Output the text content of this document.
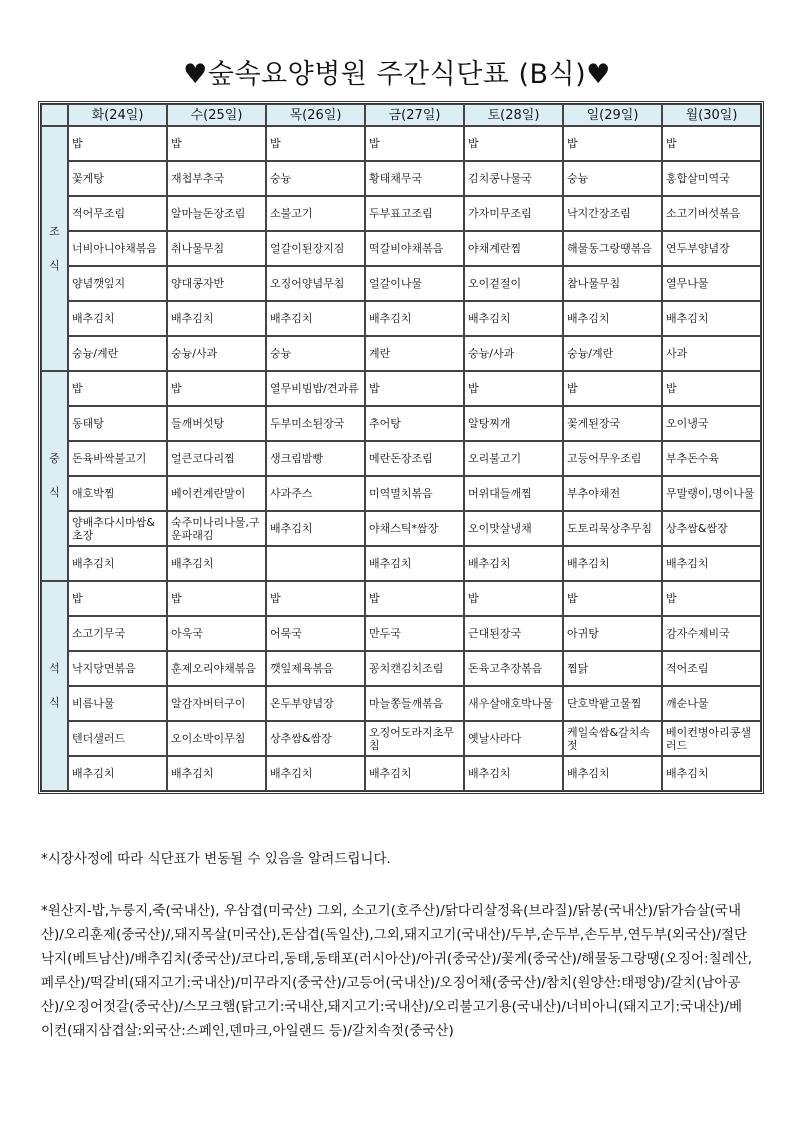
♥숲속요양병원 주간식단표 (B식)♥
	화(24일)	수(25일)	목(26일)	금(27일)	토(28일)	일(29일)	월(30일)

조
식	밥	밥	밥	밥	밥	밥	밥
	꽃게탕	재첩부추국	숭늉	황태채무국	김치콩나물국	숭늉	홍합살미역국
	적어무조림	알마늘돈장조림	소불고기	두부표고조림	가자미무조림	낙지간장조림	소고기버섯볶음
	너비아니야채볶음	취나물무침	얼갈이된장지짐	떡갈비야채볶음	야채계란찜	해물동그랑땡볶음	연두부양념장
	양념깻잎지	양대콩자반	오징어양념무침	얼갈이나물	오이겉절이	참나물무침	열무나물
	배추김치	배추김치	배추김치	배추김치	배추김치	배추김치	배추김치
	숭늉/계란	숭늉/사과	숭늉	계란	숭늉/사과	숭늉/계란	사과

중
식	밥	밥	열무비빔밥/견과류	밥	밥	밥	밥
	동태탕	들깨버섯탕	두부미소된장국	추어탕	알탕찌개	꽃게된장국	오이냉국
	돈육바싹불고기	얼큰코다리찜	생크림밤빵	메란돈장조림	오리불고기	고등어무우조림	부추돈수육
	애호박찜	베이컨계란말이	사과주스	미역멸치볶음	머위대들깨찜	부추야채전	무말랭이,명이나물
	양배추다시마쌈&초장	숙주미나리나물,구운파래김	배추김치	야채스틱*쌈장	오이맛살냉채	도토리묵상추무침	상추쌈&쌈장
	배추김치	배추김치		배추김치	배추김치	배추김치	배추김치

석
식	밥	밥	밥	밥	밥	밥	밥
	소고기무국	아욱국	어묵국	만두국	근대된장국	아귀탕	감자수제비국
	낙지당면볶음	훈제오리야채볶음	깻잎제육볶음	꽁치캔김치조림	돈육고추장볶음	찜닭	적어조림
	비름나물	알감자버터구이	온두부양념장	마늘쫑들깨볶음	새우살애호박나물	단호박팥고물찜	깨순나물
	텐더샐러드	오이소박이무침	상추쌈&쌈장	오징어도라지초무침	옛날사라다	케일숙쌈&갈치속젓	베이컨병아리콩샐러드
	배추김치	배추김치	배추김치	배추김치	배추김치	배추김치	배추김치
*시장사정에 따라 식단표가 변동될 수 있음을 알려드립니다.
*원산지-밥,누룽지,죽(국내산), 우삼겹(미국산) 그외, 소고기(호주산)/닭다리살정육(브라질)/닭봉(국내산)/닭가슴살(국내산)/오리훈제(중국산)/,돼지목살(미국산),돈삼겹(독일산),그외,돼지고기(국내산)/두부,순두부,손두부,연두부(외국산)/절단낙지(베트남산)/배추김치(중국산)/코다리,동태,동태포(러시아산)/아귀(중국산)/꽃게(중국산)/해물동그랑땡(오징어:칠레산,페루산)/떡갈비(돼지고기:국내산)/미꾸라지(중국산)/고등어(국내산)/오징어채(중국산)/참치(원양산:태평양)/갈치(남아공산)/오징어젓갈(중국산)/스모크햄(닭고기:국내산,돼지고기:국내산)/오리불고기용(국내산)/너비아니(돼지고기:국내산)/베이컨(돼지삼겹살:외국산:스페인,덴마크,아일랜드 등)/갈치속젓(중국산)
